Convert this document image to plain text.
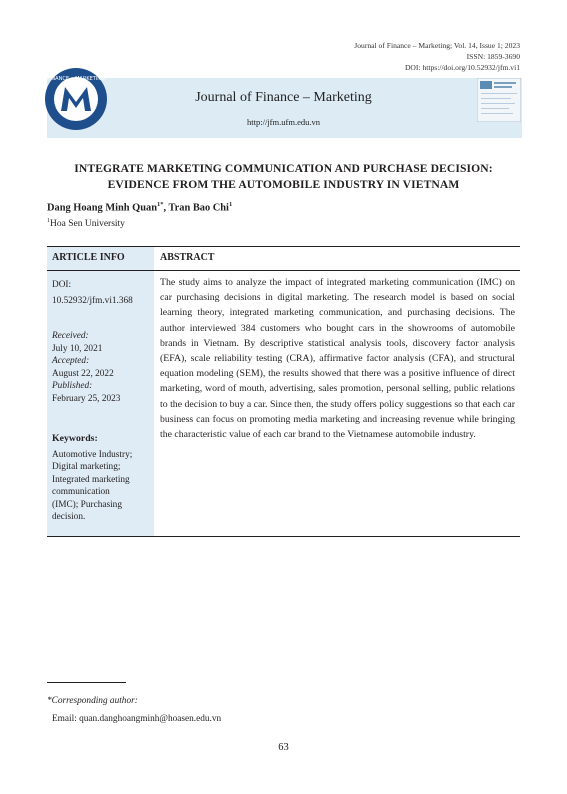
Journal of Finance – Marketing; Vol. 14, Issue 1; 2023
ISSN: 1859-3690
DOI: https://doi.org/10.52932/jfm.vi1
FINANCE • MARKETING
Journal of Finance – Marketing
http://jfm.ufm.edu.vn
INTEGRATE MARKETING COMMUNICATION AND PURCHASE DECISION:
EVIDENCE FROM THE AUTOMOBILE INDUSTRY IN VIETNAM
Dang Hoang Minh Quan$^{1*}$, Tran Bao Chi$^1$
$^1$Hoa Sen University
ARTICLE INFO	ABSTRACT
DOI:
10.52932/jfm.vi1.368
Received:
July 10, 2021
Accepted:
August 22, 2022
Published:
February 25, 2023
Keywords:
Automotive Industry;
Digital marketing;
Integrated marketing
communication
(IMC); Purchasing
decision.
The study aims to analyze the impact of integrated marketing communication (IMC) on car purchasing decisions in digital marketing. The research model is based on social learning theory, integrated marketing communication, and purchasing decisions. The author interviewed 384 customers who bought cars in the showrooms of automobile brands in Vietnam. By descriptive statistical analysis tools, discovery factor analysis (EFA), scale reliability testing (CRA), affirmative factor analysis (CFA), and structural equation modeling (SEM), the results showed that there was a positive influence of direct marketing, word of mouth, advertising, sales promotion, personal selling, public relations to the decision to buy a car. Since then, the study offers policy suggestions so that each car business can focus on promoting media marketing and increasing revenue while bringing the characteristic value of each car brand to the Vietnamese automobile industry.
*Corresponding author:
Email: quan.danghoangminh@hoasen.edu.vn
63
